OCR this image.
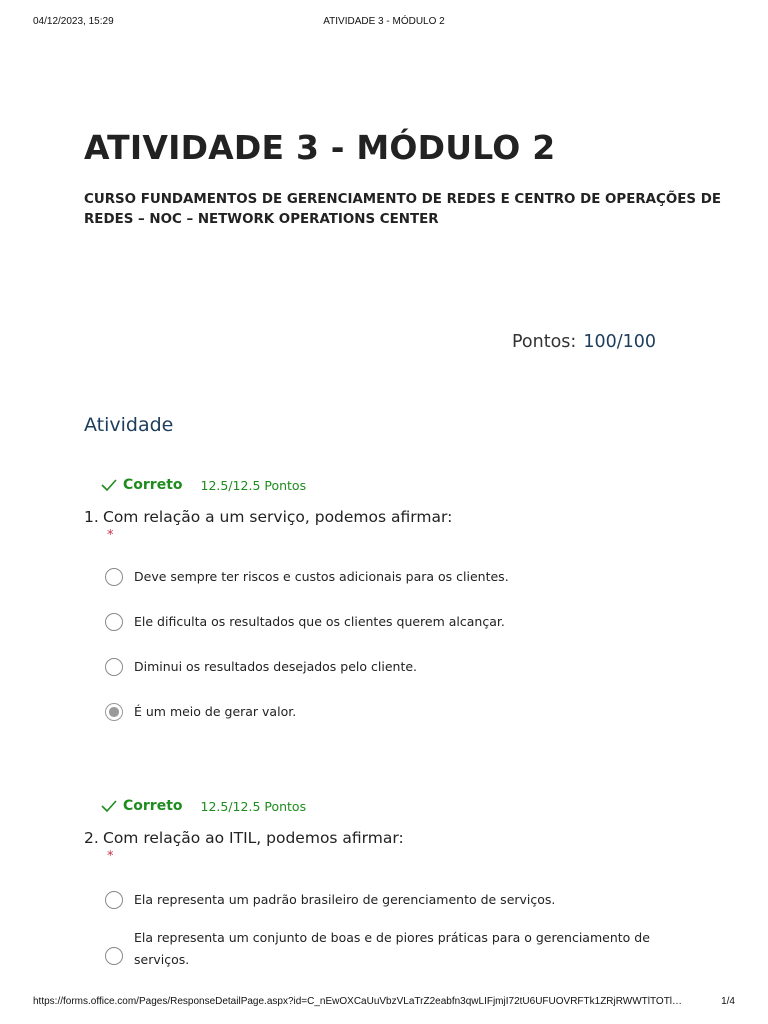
04/12/2023, 15:29	ATIVIDADE 3 - MÓDULO 2
ATIVIDADE 3 - MÓDULO 2
CURSO FUNDAMENTOS DE GERENCIAMENTO DE REDES E CENTRO DE OPERAÇÕES DE REDES – NOC – NETWORK OPERATIONS CENTER
Pontos: 100/100
Atividade
Correto 12.5/12.5 Pontos
1. Com relação a um serviço, podemos afirmar:
*
Deve sempre ter riscos e custos adicionais para os clientes.
Ele dificulta os resultados que os clientes querem alcançar.
Diminui os resultados desejados pelo cliente.
É um meio de gerar valor.
Correto 12.5/12.5 Pontos
2. Com relação ao ITIL, podemos afirmar:
*
Ela representa um padrão brasileiro de gerenciamento de serviços.
Ela representa um conjunto de boas e de piores práticas para o gerenciamento de serviços.
https://forms.office.com/Pages/ResponseDetailPage.aspx?id=C_nEwOXCaUuVbzVLaTrZ2eabfn3qwLIFjmjI72tU6UFUOVRFTk1ZRjRWWTlTOTl…	1/4
